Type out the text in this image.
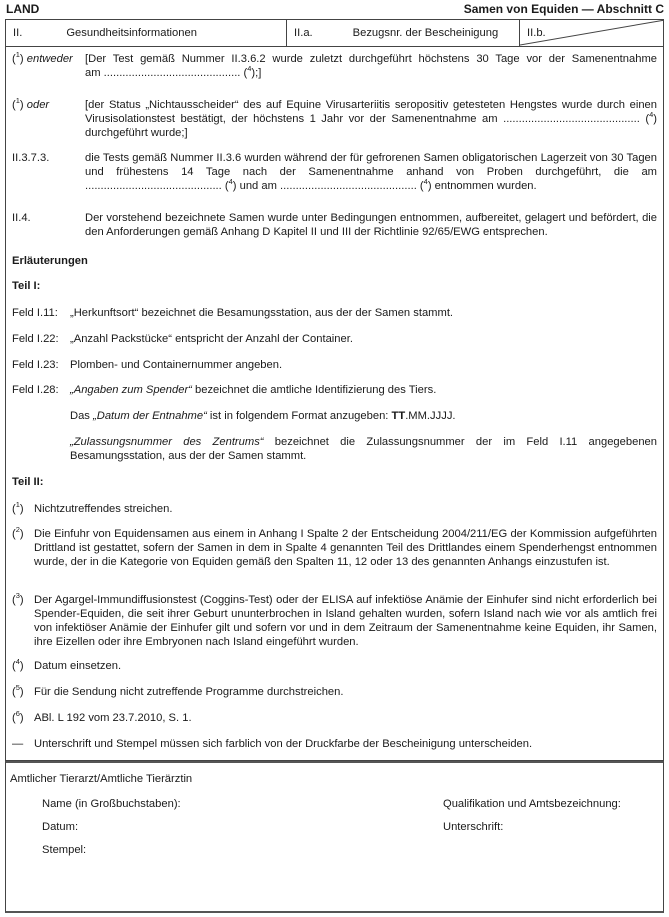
LAND	Samen von Equiden — Abschnitt C
II.	Gesundheitsinformationen	II.a.	Bezugsnr. der Bescheinigung	II.b.
($^1$) entweder	[Der Test gemäß Nummer II.3.6.2 wurde zuletzt durchgeführt höchstens 30 Tage vor der Samenentnahme
am ............................................ ($^4$);]
($^1$) oder	[der Status „Nichtausscheider“ des auf Equine Virusarteriitis seropositiv getesteten Hengstes wurde durch einen Virusisolationstest bestätigt, der höchstens 1 Jahr vor der Samenentnahme am ............................................ ($^4$) durchgeführt wurde;]
II.3.7.3.	die Tests gemäß Nummer II.3.6 wurden während der für gefrorenen Samen obligatorischen Lagerzeit von 30 Tagen und frühestens 14 Tage nach der Samenentnahme anhand von Proben durchgeführt, die am ............................................ ($^4$) und am ............................................ ($^4$) entnommen wurden.
II.4.	Der vorstehend bezeichnete Samen wurde unter Bedingungen entnommen, aufbereitet, gelagert und befördert, die den Anforderungen gemäß Anhang D Kapitel II und III der Richtlinie 92/65/EWG entsprechen.
Erläuterungen
Teil I:
Feld I.11:	„Herkunftsort“ bezeichnet die Besamungsstation, aus der der Samen stammt.
Feld I.22:	„Anzahl Packstücke“ entspricht der Anzahl der Container.
Feld I.23:	Plomben- und Containernummer angeben.
Feld I.28:	„Angaben zum Spender“ bezeichnet die amtliche Identifizierung des Tiers.
Das „Datum der Entnahme“ ist in folgendem Format anzugeben: TT.MM.JJJJ.
„Zulassungsnummer des Zentrums“ bezeichnet die Zulassungsnummer der im Feld I.11 angegebenen Besamungsstation, aus der der Samen stammt.
Teil II:
($^1$) Nichtzutreffendes streichen.
($^2$) Die Einfuhr von Equidensamen aus einem in Anhang I Spalte 2 der Entscheidung 2004/211/EG der Kommission aufgeführten Drittland ist gestattet, sofern der Samen in dem in Spalte 4 genannten Teil des Drittlandes einem Spenderhengst entnommen wurde, der in die Kategorie von Equiden gemäß den Spalten 11, 12 oder 13 des genannten Anhangs einzustufen ist.
($^3$) Der Agargel-Immundiffusionstest (Coggins-Test) oder der ELISA auf infektiöse Anämie der Einhufer sind nicht erforderlich bei Spender-Equiden, die seit ihrer Geburt ununterbrochen in Island gehalten wurden, sofern Island nach wie vor als amtlich frei von infektiöser Anämie der Einhufer gilt und sofern vor und in dem Zeitraum der Samenentnahme keine Equiden, ihr Samen, ihre Eizellen oder ihre Embryonen nach Island eingeführt wurden.
($^4$) Datum einsetzen.
($^5$) Für die Sendung nicht zutreffende Programme durchstreichen.
($^6$) ABl. L 192 vom 23.7.2010, S. 1.
— Unterschrift und Stempel müssen sich farblich von der Druckfarbe der Bescheinigung unterscheiden.
Amtlicher Tierarzt/Amtliche Tierärztin
Name (in Großbuchstaben):	Qualifikation und Amtsbezeichnung:
Datum:	Unterschrift:
Stempel:
